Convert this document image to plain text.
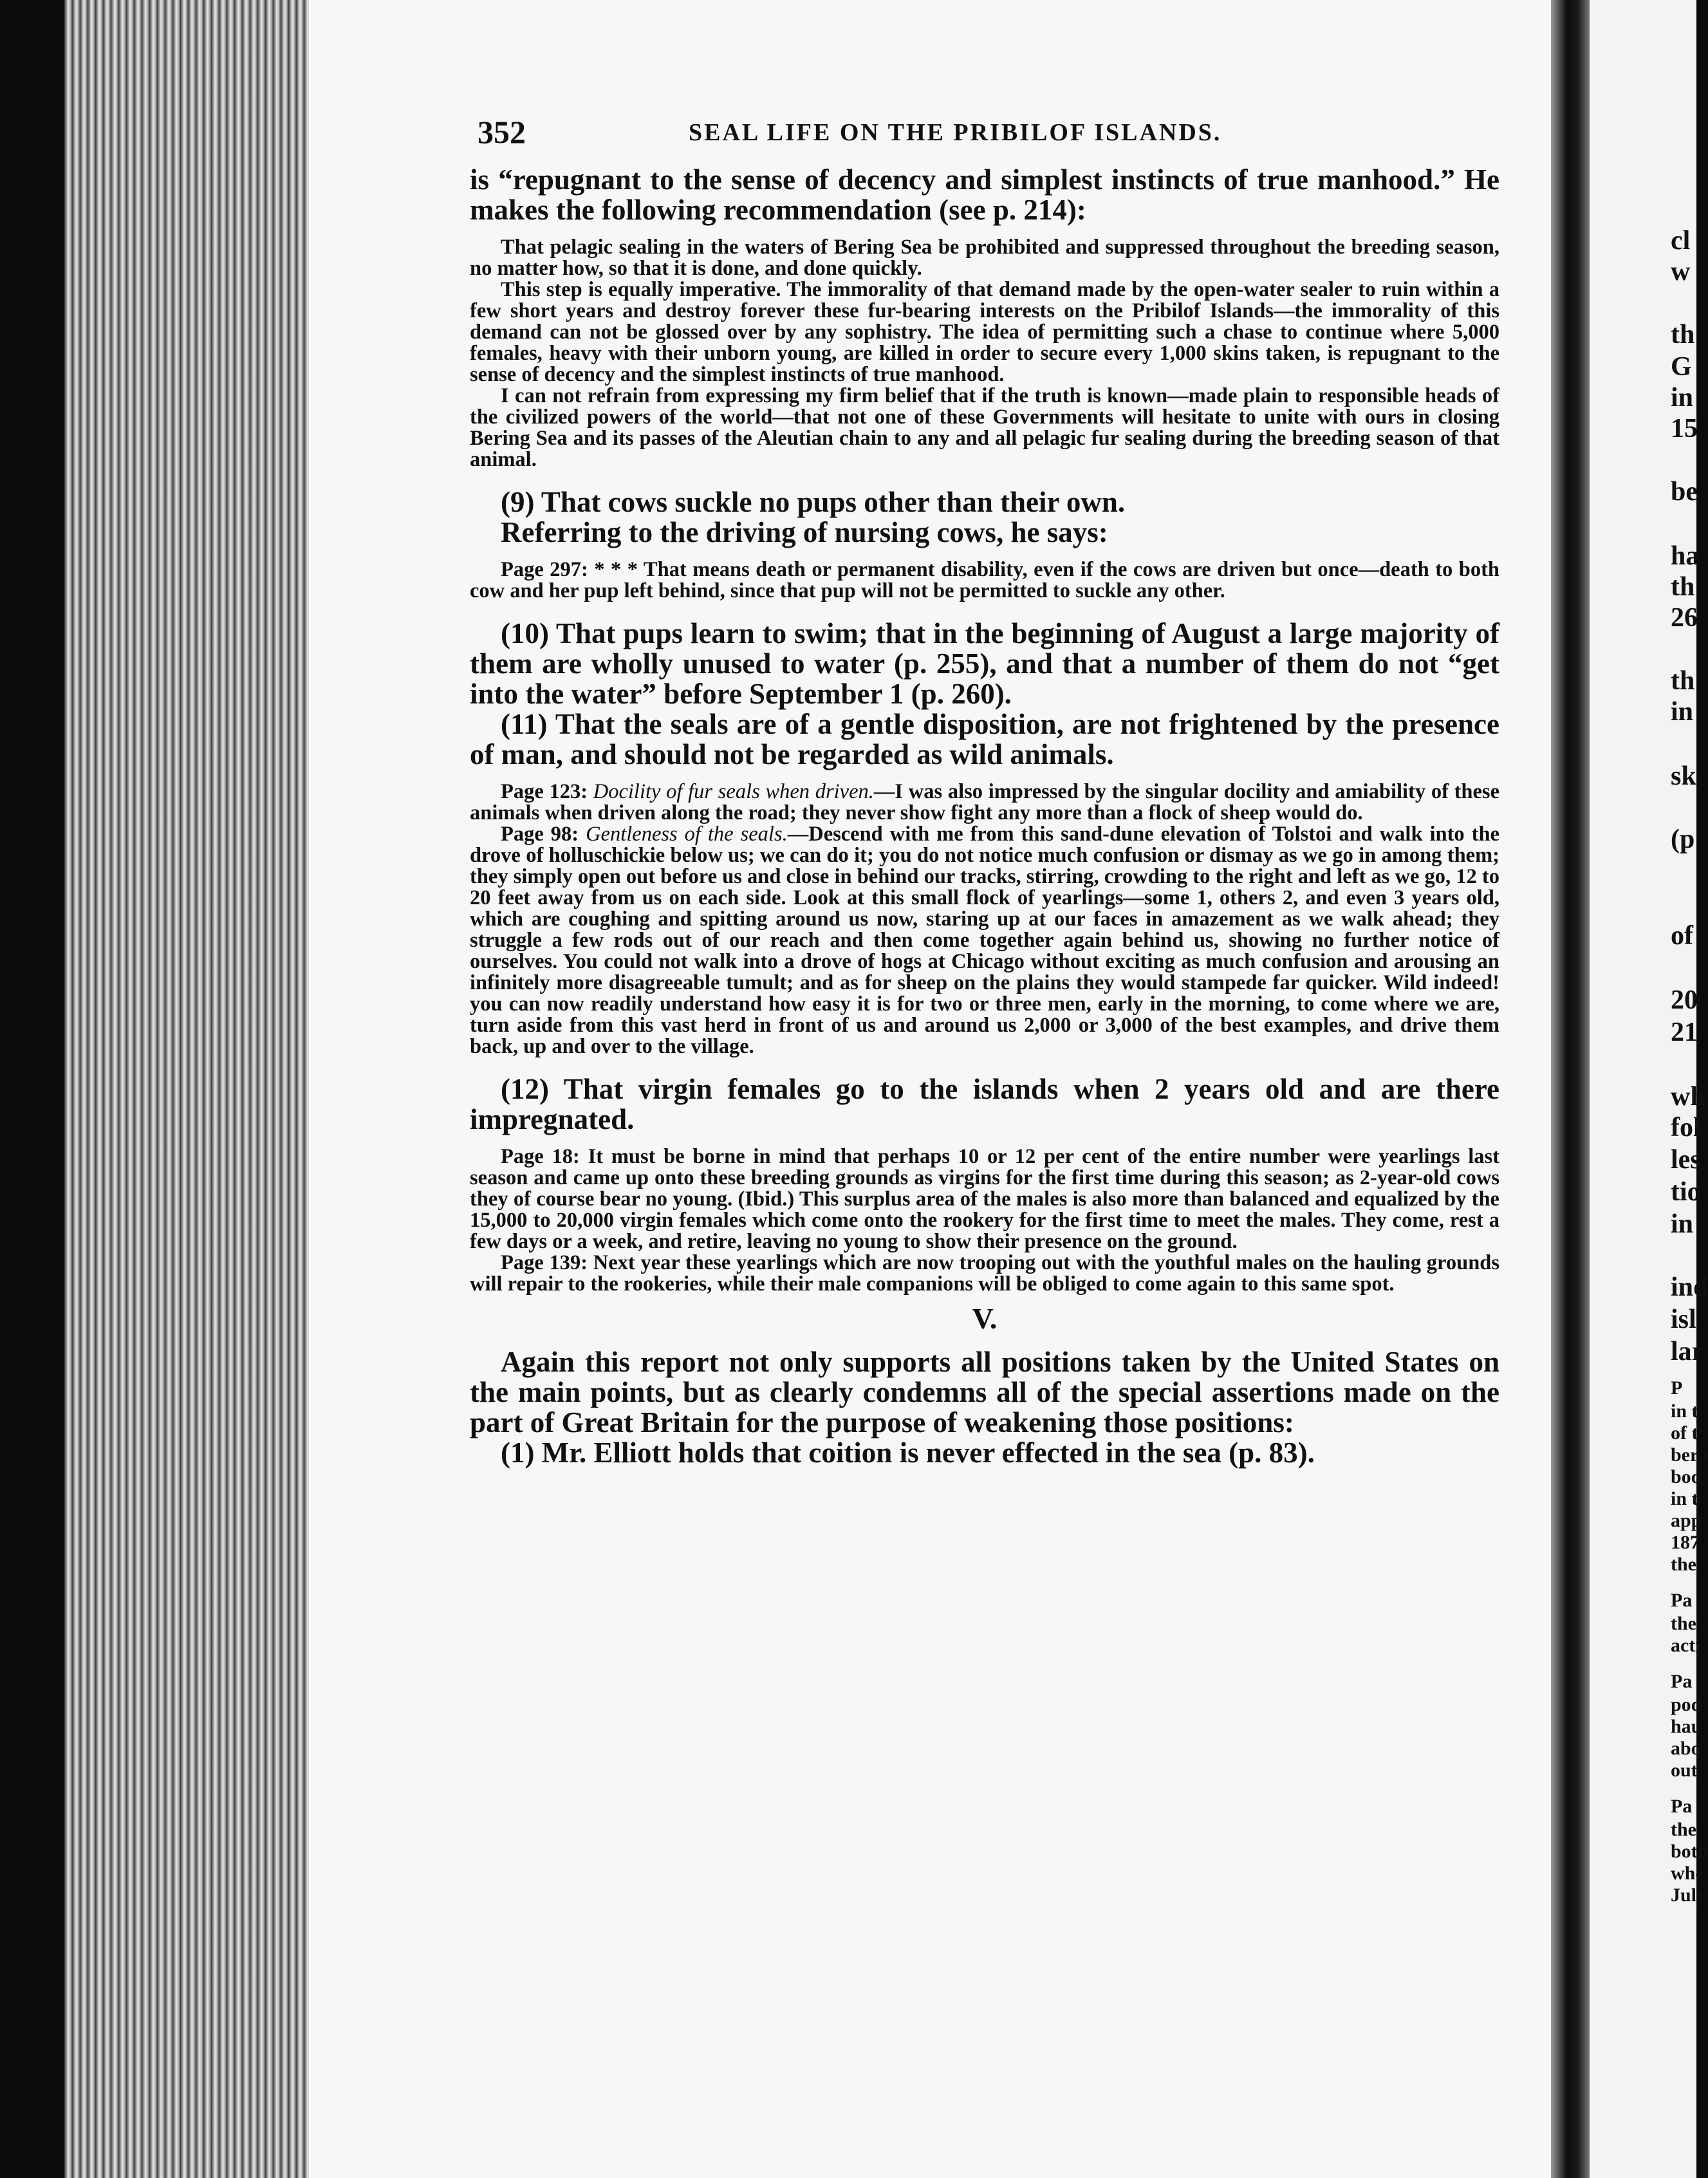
cl
w
th
G
in
15
be
ha
th
26
th
in
sk
(p
of
20
21
wh
fol
les
tio
in
ind
isl
lar
P
in t
of t
bera
bod
in t
app
187
the
Pa
the
acti
Pa
pod
hau
abo
out
Pa
the
both
whe
July
352	SEAL LIFE ON THE PRIBILOF ISLANDS.

is “repugnant to the sense of decency and simplest instincts of true manhood.” He makes the following recommendation (see p. 214):

That pelagic sealing in the waters of Bering Sea be prohibited and suppressed throughout the breeding season, no matter how, so that it is done, and done quickly.

This step is equally imperative. The immorality of that demand made by the open-water sealer to ruin within a few short years and destroy forever these fur-bearing interests on the Pribilof Islands—the immorality of this demand can not be glossed over by any sophistry. The idea of permitting such a chase to continue where 5,000 females, heavy with their unborn young, are killed in order to secure every 1,000 skins taken, is repugnant to the sense of decency and the simplest instincts of true manhood.

I can not refrain from expressing my firm belief that if the truth is known—made plain to responsible heads of the civilized powers of the world—that not one of these Governments will hesitate to unite with ours in closing Bering Sea and its passes of the Aleutian chain to any and all pelagic fur sealing during the breeding season of that animal.

(9) That cows suckle no pups other than their own.

Referring to the driving of nursing cows, he says:

Page 297: * * * That means death or permanent disability, even if the cows are driven but once—death to both cow and her pup left behind, since that pup will not be permitted to suckle any other.

(10) That pups learn to swim; that in the beginning of August a large majority of them are wholly unused to water (p. 255), and that a number of them do not “get into the water” before September 1 (p. 260).

(11) That the seals are of a gentle disposition, are not frightened by the presence of man, and should not be regarded as wild animals.

Page 123: Docility of fur seals when driven.—I was also impressed by the singular docility and amiability of these animals when driven along the road; they never show fight any more than a flock of sheep would do.

Page 98: Gentleness of the seals.—Descend with me from this sand-dune elevation of Tolstoi and walk into the drove of holluschickie below us; we can do it; you do not notice much confusion or dismay as we go in among them; they simply open out before us and close in behind our tracks, stirring, crowding to the right and left as we go, 12 to 20 feet away from us on each side. Look at this small flock of yearlings—some 1, others 2, and even 3 years old, which are coughing and spitting around us now, staring up at our faces in amazement as we walk ahead; they struggle a few rods out of our reach and then come together again behind us, showing no further notice of ourselves. You could not walk into a drove of hogs at Chicago without exciting as much confusion and arousing an infinitely more disagreeable tumult; and as for sheep on the plains they would stampede far quicker. Wild indeed! you can now readily understand how easy it is for two or three men, early in the morning, to come where we are, turn aside from this vast herd in front of us and around us 2,000 or 3,000 of the best examples, and drive them back, up and over to the village.

(12) That virgin females go to the islands when 2 years old and are there impregnated.

Page 18: It must be borne in mind that perhaps 10 or 12 per cent of the entire number were yearlings last season and came up onto these breeding grounds as virgins for the first time during this season; as 2-year-old cows they of course bear no young. (Ibid.) This surplus area of the males is also more than balanced and equalized by the 15,000 to 20,000 virgin females which come onto the rookery for the first time to meet the males. They come, rest a few days or a week, and retire, leaving no young to show their presence on the ground.

Page 139: Next year these yearlings which are now trooping out with the youthful males on the hauling grounds will repair to the rookeries, while their male companions will be obliged to come again to this same spot.

V.

Again this report not only supports all positions taken by the United States on the main points, but as clearly condemns all of the special assertions made on the part of Great Britain for the purpose of weakening those positions:

(1) Mr. Elliott holds that coition is never effected in the sea (p. 83).
